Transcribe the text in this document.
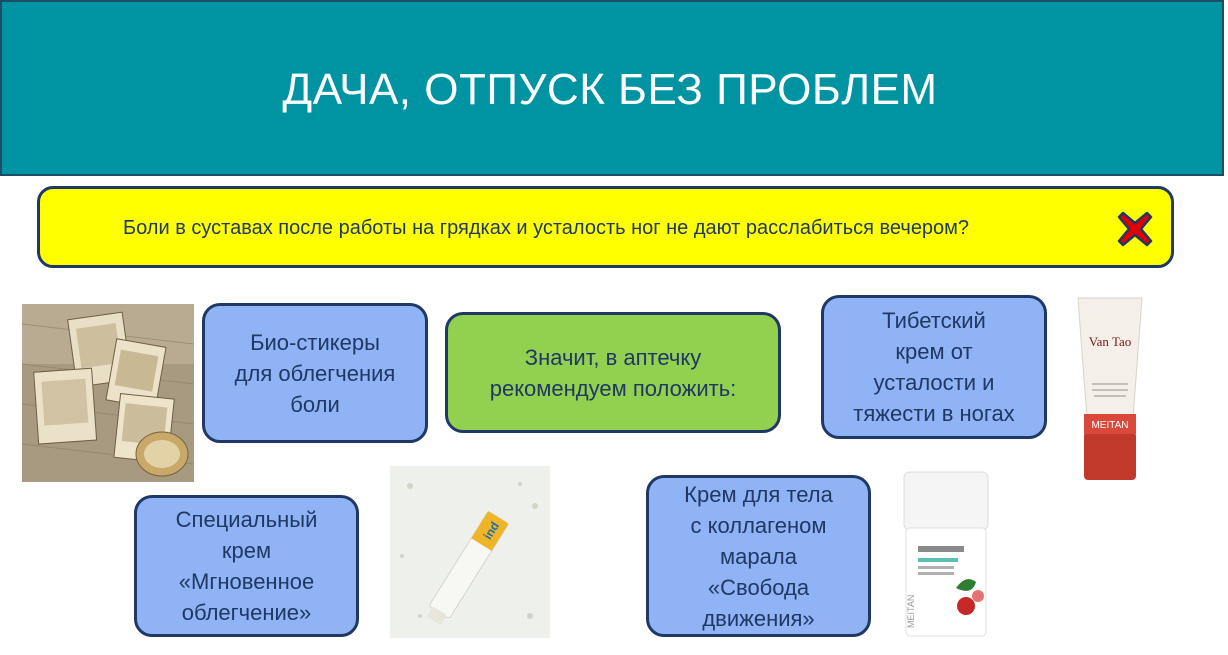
ДАЧА, ОТПУСК БЕЗ ПРОБЛЕМ
Боли в суставах после работы на грядках и усталость ног не дают расслабиться вечером?
Био-стикеры
для облегчения
боли
Значит, в аптечку
рекомендуем положить:
Тибетский
крем от
усталости и
тяжести в ногах
Van Tao
MEITAN
Специальный
крем
«Мгновенное
облегчение»
ind
Крем для тела
с коллагеном
марала
«Свобода
движения»	MEITAN
